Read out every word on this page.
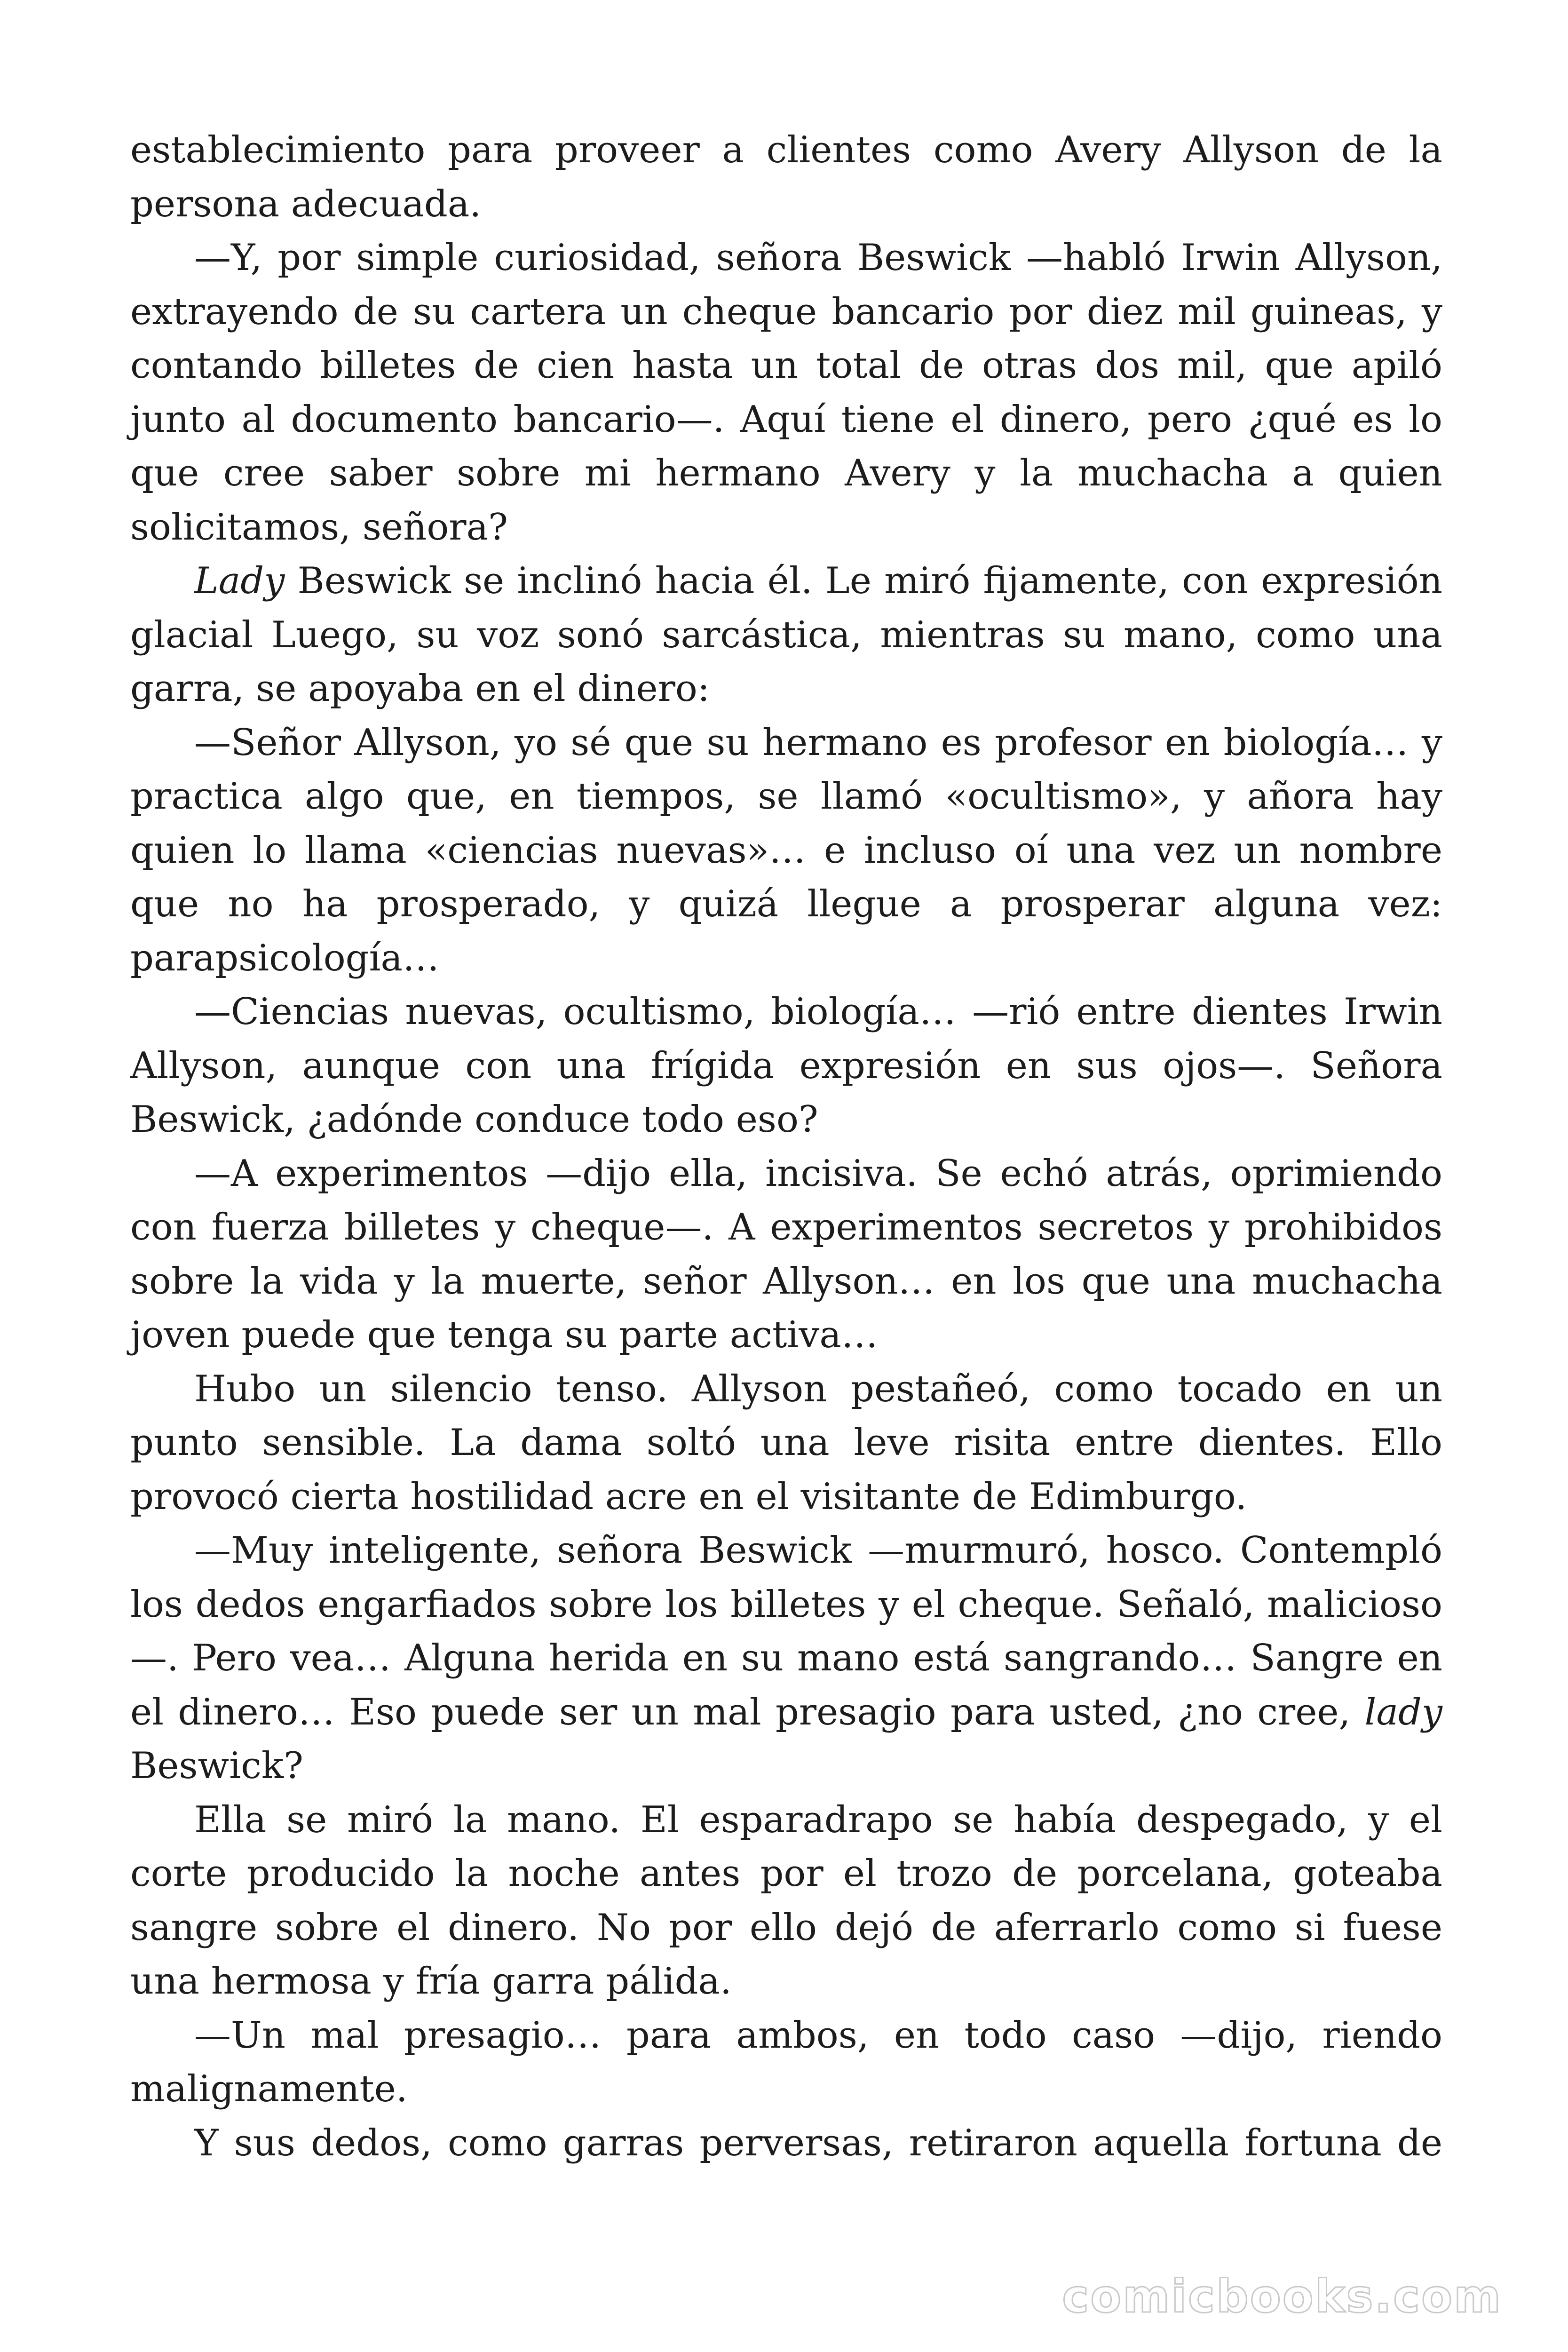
establecimiento para proveer a clientes como Avery Allyson de la persona adecuada.

—Y, por simple curiosidad, señora Beswick —habló Irwin Allyson, extrayendo de su cartera un cheque bancario por diez mil guineas, y contando billetes de cien hasta un total de otras dos mil, que apiló junto al documento bancario—. Aquí tiene el dinero, pero ¿qué es lo que cree saber sobre mi hermano Avery y la muchacha a quien solicitamos, señora?

Lady Beswick se inclinó hacia él. Le miró fijamente, con expresión glacial Luego, su voz sonó sarcástica, mientras su mano, como una garra, se apoyaba en el dinero:

—Señor Allyson, yo sé que su hermano es profesor en biología… y practica algo que, en tiempos, se llamó «ocultismo», y añora hay quien lo llama «ciencias nuevas»… e incluso oí una vez un nombre que no ha prosperado, y quizá llegue a prosperar alguna vez: parapsicología…

—Ciencias nuevas, ocultismo, biología… —rió entre dientes Irwin Allyson, aunque con una frígida expresión en sus ojos—. Señora Beswick, ¿adónde conduce todo eso?

—A experimentos —dijo ella, incisiva. Se echó atrás, oprimiendo con fuerza billetes y cheque—. A experimentos secretos y prohibidos sobre la vida y la muerte, señor Allyson… en los que una muchacha joven puede que tenga su parte activa…

Hubo un silencio tenso. Allyson pestañeó, como tocado en un punto sensible. La dama soltó una leve risita entre dientes. Ello provocó cierta hostilidad acre en el visitante de Edimburgo.

—Muy inteligente, señora Beswick —murmuró, hosco. Contempló los dedos engarfiados sobre los billetes y el cheque. Señaló, malicioso—. Pero vea… Alguna herida en su mano está sangrando… Sangre en el dinero… Eso puede ser un mal presagio para usted, ¿no cree, lady Beswick?

Ella se miró la mano. El esparadrapo se había despegado, y el corte producido la noche antes por el trozo de porcelana, goteaba sangre sobre el dinero. No por ello dejó de aferrarlo como si fuese una hermosa y fría garra pálida.

—Un mal presagio… para ambos, en todo caso —dijo, riendo malignamente.

Y sus dedos, como garras perversas, retiraron aquella fortuna de

comicbooks.com
